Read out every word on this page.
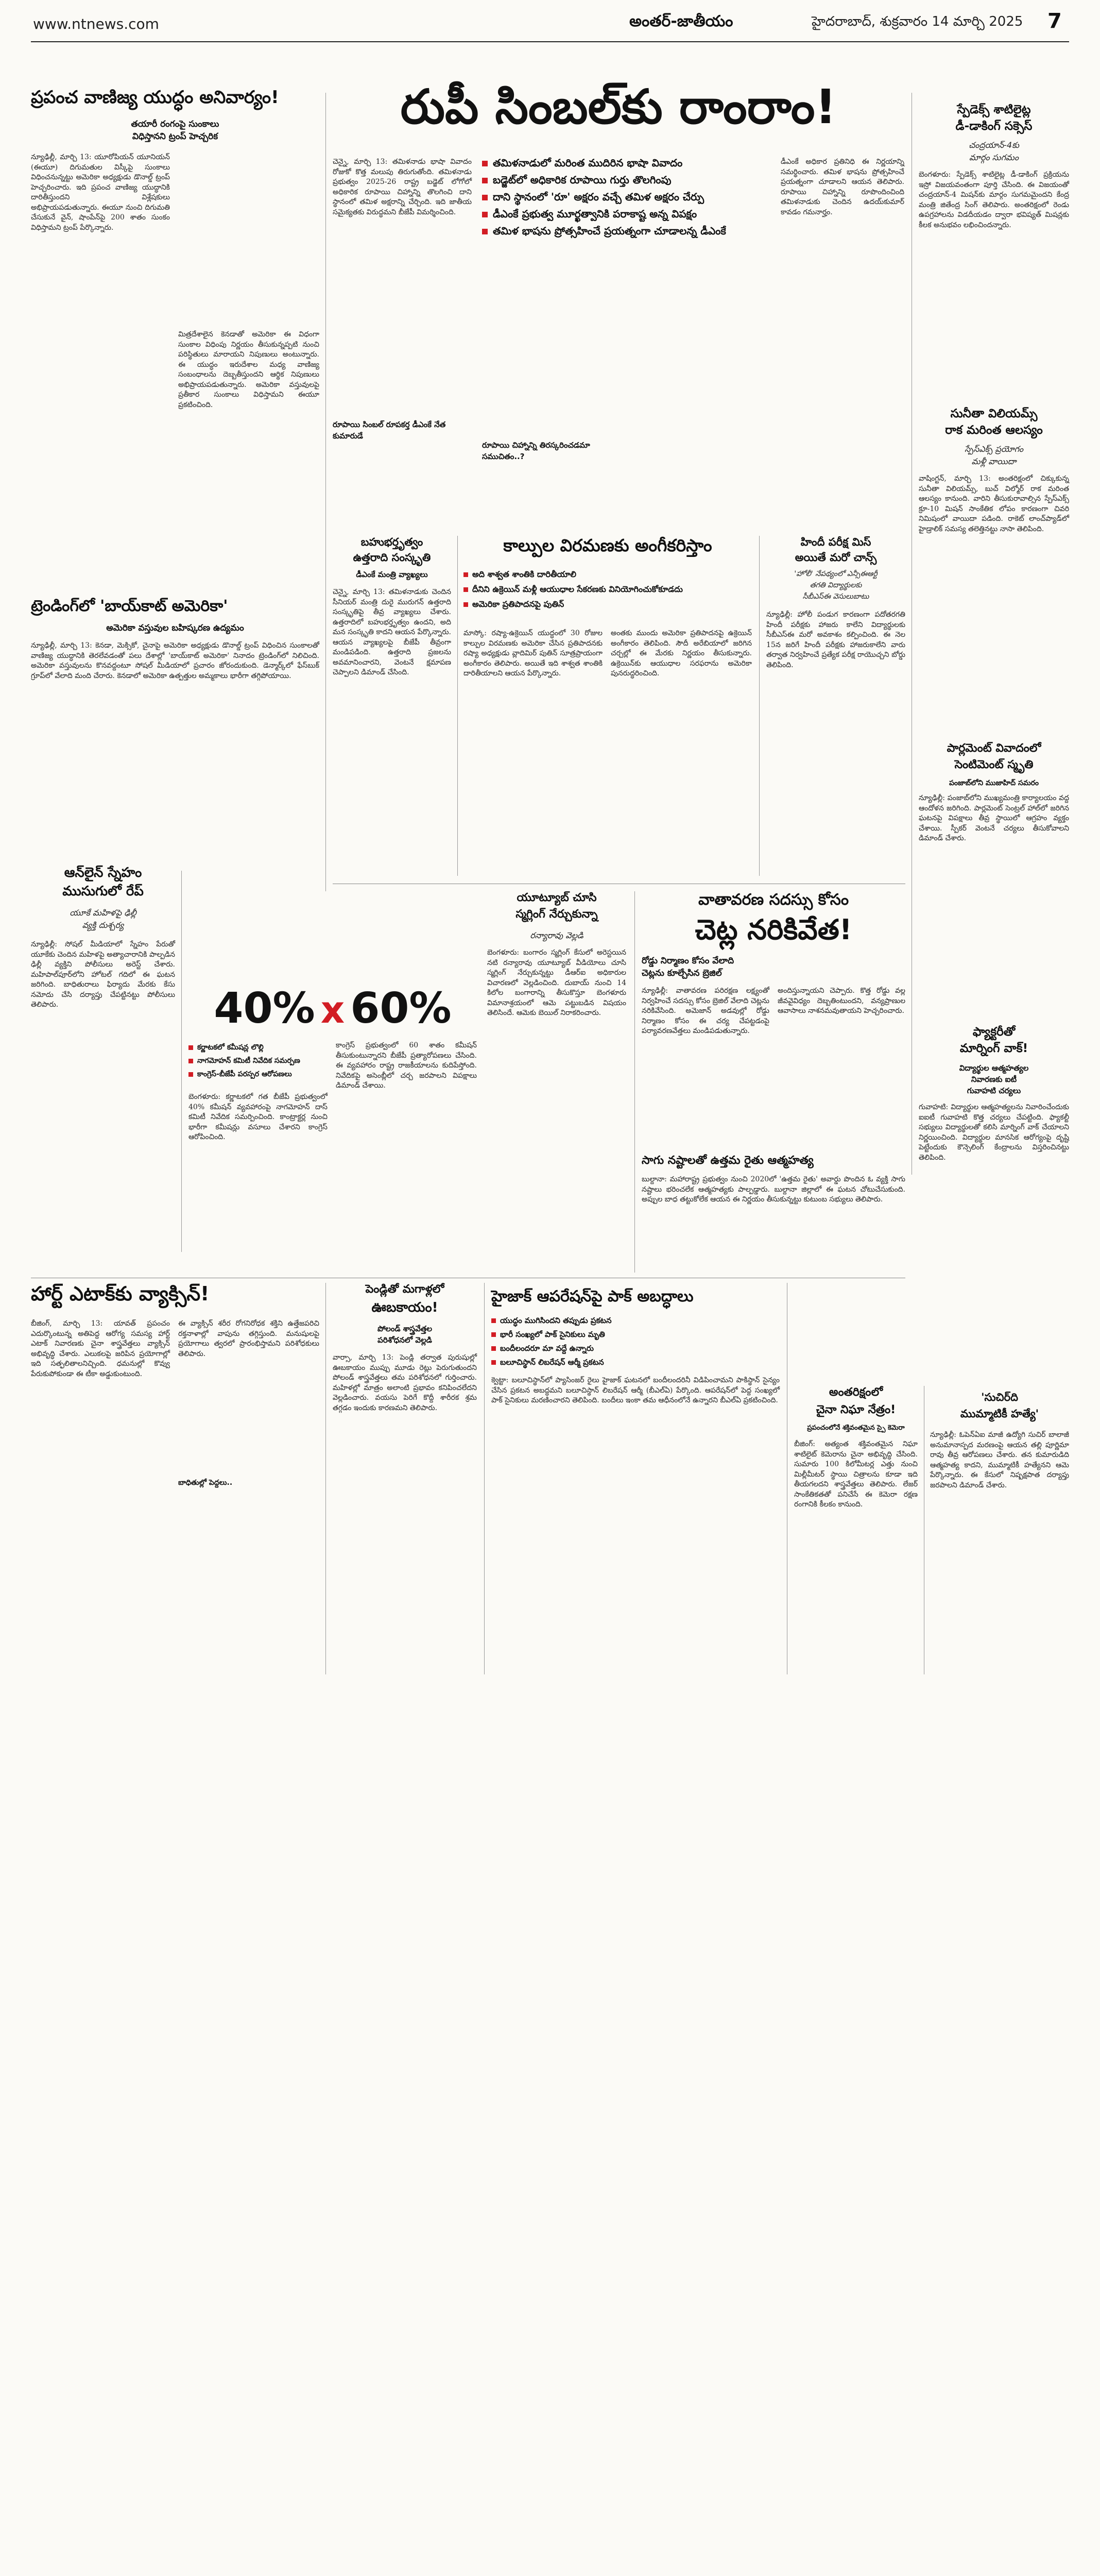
www.ntnews.com	అంతర్‌-జాతీయం	హైదరాబాద్‌, శుక్రవారం 14 మార్చి 2025 7
ప్రపంచ వాణిజ్య యుద్ధం అనివార్యం!
తయారీ రంగంపై సుంకాలు
విధిస్తానని ట్రంప్‌ హెచ్చరిక
న్యూఢిల్లీ, మార్చి 13: యూరోపియన్‌ యూనియన్‌ (ఈయూ) దిగుమతుల విస్కీపై సుంకాలు విధించనున్నట్టు అమెరికా అధ్యక్షుడు డొనాల్డ్‌ ట్రంప్‌ హెచ్చరించారు. ఇది ప్రపంచ వాణిజ్య యుద్ధానికి దారితీస్తుందని విశ్లేషకులు అభిప్రాయపడుతున్నారు. ఈయూ నుంచి దిగుమతి చేసుకునే వైన్‌, షాంపేన్‌పై 200 శాతం సుంకం విధిస్తామని ట్రంప్‌ పేర్కొన్నారు.
మిత్రదేశాలైన కెనడాతో అమెరికా ఈ విధంగా సుంకాల విధింపు నిర్ణయం తీసుకున్నప్పటి నుంచి పరిస్థితులు మారాయని నిపుణులు అంటున్నారు. ఈ యుద్ధం ఇరుదేశాల మధ్య వాణిజ్య సంబంధాలను దెబ్బతీస్తుందని ఆర్థిక నిపుణులు అభిప్రాయపడుతున్నారు. అమెరికా వస్తువులపై ప్రతీకార సుంకాలు విధిస్తామని ఈయూ ప్రకటించింది.
ట్రెండింగ్‌లో 'బాయ్‌కాట్‌ అమెరికా'
అమెరికా వస్తువుల బహిష్కరణ ఉద్యమం
న్యూఢిల్లీ, మార్చి 13: కెనడా, మెక్సికో, చైనాపై అమెరికా అధ్యక్షుడు డొనాల్డ్‌ ట్రంప్‌ విధించిన సుంకాలతో వాణిజ్య యుద్ధానికి తెరలేవడంతో పలు దేశాల్లో 'బాయ్‌కాట్‌ అమెరికా' నినాదం ట్రెండింగ్‌లో నిలిచింది. అమెరికా వస్తువులను కొనవద్దంటూ సోషల్‌ మీడియాలో ప్రచారం జోరందుకుంది. డెన్మార్క్‌లో ఫేస్‌బుక్‌ గ్రూప్‌లో వేలాది మంది చేరారు. కెనడాలో అమెరికా ఉత్పత్తుల అమ్మకాలు భారీగా తగ్గిపోయాయి.
ఆన్‌లైన్‌ స్నేహం
ముసుగులో రేప్‌
యూకే మహిళపై ఢిల్లీ
వ్యక్తి దుశ్చర్య
న్యూఢిల్లీ: సోషల్‌ మీడియాలో స్నేహం పేరుతో యూకేకు చెందిన మహిళపై అత్యాచారానికి పాల్పడిన ఢిల్లీ వ్యక్తిని పోలీసులు అరెస్ట్‌ చేశారు. మహిపాల్‌పూర్‌లోని హోటల్‌ గదిలో ఈ ఘటన జరిగింది. బాధితురాలు ఫిర్యాదు మేరకు కేసు నమోదు చేసి దర్యాప్తు చేపట్టినట్టు పోలీసులు తెలిపారు.
రుపీ సింబల్‌కు రాంరాం!
చెన్నై, మార్చి 13: తమిళనాడు భాషా వివాదం రోజుకో కొత్త మలుపు తిరుగుతోంది. తమిళనాడు ప్రభుత్వం 2025-26 రాష్ట్ర బడ్జెట్‌ లోగోలో అధికారిక రూపాయి చిహ్నాన్ని తొలగించి దాని స్థానంలో తమిళ అక్షరాన్ని చేర్చింది. ఇది జాతీయ సమైక్యతకు విరుద్ధమని బీజేపీ విమర్శించింది.
తమిళనాడులో మరింత ముదిరిన భాషా వివాదం
బడ్జెట్‌లో అధికారిక రూపాయి గుర్తు తొలగింపు
దాని స్థానంలో 'రూ' అక్షరం వచ్చే తమిళ అక్షరం చేర్పు
డీఎంకే ప్రభుత్వ మూర్ఖత్వానికి పరాకాష్ట అన్న విపక్షం
తమిళ భాషను ప్రోత్సహించే ప్రయత్నంగా చూడాలన్న డీఎంకే
రూపాయి సింబల్‌ రూపకర్త డీఎంకే నేత కుమారుడే
రూపాయి చిహ్నాన్ని తిరస్కరించడమా సముచితం..?
డీఎంకే అధికార ప్రతినిధి ఈ నిర్ణయాన్ని సమర్థించారు. తమిళ భాషను ప్రోత్సహించే ప్రయత్నంగా చూడాలని ఆయన తెలిపారు. రూపాయి చిహ్నాన్ని రూపొందించింది తమిళనాడుకు చెందిన ఉదయ్‌కుమార్‌ కావడం గమనార్హం.
స్పేడెక్స్‌ శాటిలైట్ల
డీ-డాకింగ్‌ సక్సెస్‌
చంద్రయాన్‌-4కు
మార్గం సుగమం
బెంగళూరు: స్పేడెక్స్‌ శాటిలైట్ల డీ-డాకింగ్‌ ప్రక్రియను ఇస్రో విజయవంతంగా పూర్తి చేసింది. ఈ విజయంతో చంద్రయాన్‌-4 మిషన్‌కు మార్గం సుగమమైందని కేంద్ర మంత్రి జితేంద్ర సింగ్‌ తెలిపారు. అంతరిక్షంలో రెండు ఉపగ్రహాలను విడదీయడం ద్వారా భవిష్యత్‌ మిషన్లకు కీలక అనుభవం లభించిందన్నారు.
సునీతా విలియమ్స్‌
రాక మరింత ఆలస్యం
స్పేస్‌ఎక్స్‌ ప్రయోగం
మళ్లీ వాయిదా
వాషింగ్టన్‌, మార్చి 13: అంతరిక్షంలో చిక్కుకున్న సునీతా విలియమ్స్‌, బుచ్‌ విల్మోర్‌ రాక మరింత ఆలస్యం కానుంది. వారిని తీసుకురావాల్సిన స్పేస్‌ఎక్స్‌ క్రూ-10 మిషన్‌ సాంకేతిక లోపం కారణంగా చివరి నిమిషంలో వాయిదా పడింది. రాకెట్‌ లాంచ్‌ప్యాడ్‌లో హైడ్రాలిక్‌ సమస్య తలెత్తినట్టు నాసా తెలిపింది.
పార్లమెంట్‌ వివాదంలో
సెంటిమెంట్‌ స్మృతి
పంజాబ్‌లోని ముజాహిద్‌ సమరం
న్యూఢిల్లీ: పంజాబ్‌లోని ముఖ్యమంత్రి కార్యాలయం వద్ద ఆందోళన జరిగింది. పార్లమెంట్‌ సెంట్రల్‌ హాల్‌లో జరిగిన ఘటనపై విపక్షాలు తీవ్ర స్థాయిలో ఆగ్రహం వ్యక్తం చేశాయి. స్పీకర్‌ వెంటనే చర్యలు తీసుకోవాలని డిమాండ్‌ చేశారు.
ఫ్యాక్టరీతో
మార్నింగ్‌ వాక్‌!
విద్యార్థుల ఆత్మహత్యల
నివారణకు ఐటీ
గువాహటి చర్యలు
గువాహటి: విద్యార్థుల ఆత్మహత్యలను నివారించేందుకు ఐఐటీ గువాహటి కొత్త చర్యలు చేపట్టింది. ఫ్యాకల్టీ సభ్యులు విద్యార్థులతో కలిసి మార్నింగ్‌ వాక్‌ చేయాలని నిర్ణయించింది. విద్యార్థుల మానసిక ఆరోగ్యంపై దృష్టి పెట్టేందుకు కౌన్సెలింగ్‌ కేంద్రాలను విస్తరించినట్టు తెలిపింది.
బహుభర్తృత్వం
ఉత్తరాది సంస్కృతి
డీఎంకే మంత్రి వ్యాఖ్యలు
చెన్నై, మార్చి 13: తమిళనాడుకు చెందిన సీనియర్‌ మంత్రి దురై మురుగన్‌ ఉత్తరాది సంస్కృతిపై తీవ్ర వ్యాఖ్యలు చేశారు. ఉత్తరాదిలో బహుభర్తృత్వం ఉందని, అది మన సంస్కృతి కాదని ఆయన పేర్కొన్నారు. ఆయన వ్యాఖ్యలపై బీజేపీ తీవ్రంగా మండిపడింది. ఉత్తరాది ప్రజలను అవమానించారని, వెంటనే క్షమాపణ చెప్పాలని డిమాండ్‌ చేసింది.
కాల్పుల విరమణకు అంగీకరిస్తాం
అది శాశ్వత శాంతికి దారితీయాలి
దీనిని ఉక్రెయిన్‌ మళ్లీ ఆయుధాల సేకరణకు వినియోగించుకోకూడదు
అమెరికా ప్రతిపాదనపై పుతిన్‌
మాస్కో: రష్యా-ఉక్రెయిన్‌ యుద్ధంలో 30 రోజుల కాల్పుల విరమణకు అమెరికా చేసిన ప్రతిపాదనకు రష్యా అధ్యక్షుడు వ్లాదిమిర్‌ పుతిన్‌ సూత్రప్రాయంగా అంగీకారం తెలిపారు. అయితే ఇది శాశ్వత శాంతికి దారితీయాలని ఆయన పేర్కొన్నారు.
అంతకు ముందు అమెరికా ప్రతిపాదనపై ఉక్రెయిన్‌ అంగీకారం తెలిపింది. సౌదీ అరేబియాలో జరిగిన చర్చల్లో ఈ మేరకు నిర్ణయం తీసుకున్నారు. ఉక్రెయిన్‌కు ఆయుధాల సరఫరాను అమెరికా పునరుద్ధరించింది.
హిందీ పరీక్ష మిస్‌
అయితే మరో చాన్స్‌
'హోలీ' నేపథ్యంలో ఎన్సీఈఆర్టీ
తగతి విద్యార్థులకు
సీబీఎస్‌ఈ వెసులుబాటు
న్యూఢిల్లీ: హోలీ పండుగ కారణంగా పదోతరగతి హిందీ పరీక్షకు హాజరు కాలేని విద్యార్థులకు సీబీఎస్‌ఈ మరో అవకాశం కల్పించింది. ఈ నెల 15న జరిగే హిందీ పరీక్షకు హాజరుకాలేని వారు తర్వాత నిర్వహించే ప్రత్యేక పరీక్ష రాయొచ్చని బోర్డు తెలిపింది.
40% x 60%
కర్ణాటకలో కమీషన్ల లొల్లి
నాగమోహన్‌ కమిటీ నివేదిక సమర్పణ
కాంగ్రెస్‌-బీజేపీ పరస్పర ఆరోపణలు
బెంగళూరు: కర్ణాటకలో గత బీజేపీ ప్రభుత్వంలో 40% కమీషన్‌ వ్యవహారంపై నాగమోహన్‌ దాస్‌ కమిటీ నివేదిక సమర్పించింది. కాంట్రాక్టర్ల నుంచి భారీగా కమీషన్లు వసూలు చేశారని కాంగ్రెస్‌ ఆరోపించింది.
కాంగ్రెస్‌ ప్రభుత్వంలో 60 శాతం కమీషన్‌ తీసుకుంటున్నారని బీజేపీ ప్రత్యారోపణలు చేసింది. ఈ వ్యవహారం రాష్ట్ర రాజకీయాలను కుదిపేస్తోంది. నివేదికపై అసెంబ్లీలో చర్చ జరపాలని విపక్షాలు డిమాండ్‌ చేశాయి.
యూట్యూబ్‌ చూసి
స్మగ్లింగ్‌ నేర్చుకున్నా
రన్యారావు వెల్లడి
బెంగళూరు: బంగారం స్మగ్లింగ్‌ కేసులో అరెస్టయిన నటి రన్యారావు యూట్యూబ్‌ వీడియోలు చూసి స్మగ్లింగ్‌ నేర్చుకున్నట్టు డీఆర్‌ఐ అధికారుల విచారణలో వెల్లడించింది. దుబాయ్‌ నుంచి 14 కిలోల బంగారాన్ని తీసుకొస్తూ బెంగళూరు విమానాశ్రయంలో ఆమె పట్టుబడిన విషయం తెలిసిందే. ఆమెకు బెయిల్‌ నిరాకరించారు.
వాతావరణ సదస్సు కోసం
చెట్ల నరికివేత!
రోడ్డు నిర్మాణం కోసం వేలాది
చెట్లను కూల్చేసిన బ్రెజిల్‌
న్యూఢిల్లీ: వాతావరణ పరిరక్షణ లక్ష్యంతో నిర్వహించే సదస్సు కోసం బ్రెజిల్‌ వేలాది చెట్లను నరికివేసింది. అమెజాన్‌ అడవుల్లో రోడ్డు నిర్మాణం కోసం ఈ చర్య చేపట్టడంపై పర్యావరణవేత్తలు మండిపడుతున్నారు.
అందిస్తున్నాయని చెప్పారు. కొత్త రోడ్డు వల్ల జీవవైవిధ్యం దెబ్బతింటుందని, వన్యప్రాణుల ఆవాసాలు నాశనమవుతాయని హెచ్చరించారు.
సాగు నష్టాలతో ఉత్తమ రైతు ఆత్మహత్య
బుల్దానా: మహారాష్ట్ర ప్రభుత్వం నుంచి 2020లో 'ఉత్తమ రైతు' అవార్డు పొందిన ఓ వ్యక్తి సాగు నష్టాలు భరించలేక ఆత్మహత్యకు పాల్పడ్డారు. బుల్దానా జిల్లాలో ఈ ఘటన చోటుచేసుకుంది. అప్పుల బాధ తట్టుకోలేక ఆయన ఈ నిర్ణయం తీసుకున్నట్టు కుటుంబ సభ్యులు తెలిపారు.
హార్ట్‌ ఎటాక్‌కు వ్యాక్సిన్‌!
బీజింగ్‌, మార్చి 13: యావత్‌ ప్రపంచం ఎదుర్కొంటున్న అతిపెద్ద ఆరోగ్య సమస్య హార్ట్‌ ఎటాక్‌ నివారణకు చైనా శాస్త్రవేత్తలు వ్యాక్సిన్‌ అభివృద్ధి చేశారు. ఎలుకలపై జరిపిన ప్రయోగాల్లో ఇది సత్ఫలితాలనిచ్చింది. ధమనుల్లో కొవ్వు పేరుకుపోకుండా ఈ టీకా అడ్డుకుంటుంది.
ఈ వ్యాక్సిన్‌ శరీర రోగనిరోధక శక్తిని ఉత్తేజపరిచి రక్తనాళాల్లో వాపును తగ్గిస్తుంది. మనుషులపై ప్రయోగాలు త్వరలో ప్రారంభిస్తామని పరిశోధకులు తెలిపారు.
బాధితుల్లో పెద్దలు..
పెండ్లితో మగాళ్లలో
ఊబకాయం!
పోలండ్‌ శాస్త్రవేత్తల
పరిశోధనలో వెల్లడి
వార్సా, మార్చి 13: పెండ్లి తర్వాత పురుషుల్లో ఊబకాయం ముప్పు మూడు రెట్లు పెరుగుతుందని పోలండ్‌ శాస్త్రవేత్తలు తమ పరిశోధనలో గుర్తించారు. మహిళల్లో మాత్రం అలాంటి ప్రభావం కనిపించలేదని వెల్లడించారు. వయసు పెరిగే కొద్దీ శారీరక శ్రమ తగ్గడం ఇందుకు కారణమని తెలిపారు.
హైజాక్‌ ఆపరేషన్‌పై పాక్‌ అబద్ధాలు
యుద్ధం ముగిసిందని తప్పుడు ప్రకటన
భారీ సంఖ్యలో పాక్‌ సైనికులు మృతి
బందీలందరూ మా వద్దే ఉన్నారు
బలూచిస్థాన్‌ లిబరేషన్‌ ఆర్మీ ప్రకటన
క్వెట్టా: బలూచిస్థాన్‌లో ప్యాసింజర్‌ రైలు హైజాక్‌ ఘటనలో బందీలందరినీ విడిపించామని పాకిస్థాన్‌ సైన్యం చేసిన ప్రకటన అబద్ధమని బలూచిస్థాన్‌ లిబరేషన్‌ ఆర్మీ (బీఎల్‌ఏ) పేర్కొంది. ఆపరేషన్‌లో పెద్ద సంఖ్యలో పాక్‌ సైనికులు మరణించారని తెలిపింది. బందీలు ఇంకా తమ ఆధీనంలోనే ఉన్నారని బీఎల్‌ఏ ప్రకటించింది.
అంతరిక్షంలో
చైనా నిఘా నేత్రం!
ప్రపంచంలోనే శక్తివంతమైన స్పై కెమెరా
బీజింగ్‌: అత్యంత శక్తివంతమైన నిఘా శాటిలైట్‌ కెమెరాను చైనా అభివృద్ధి చేసింది. సుమారు 100 కిలోమీటర్ల ఎత్తు నుంచి మిల్లీమీటర్‌ స్థాయి చిత్రాలను కూడా ఇది తీయగలదని శాస్త్రవేత్తలు తెలిపారు. లేజర్‌ సాంకేతికతతో పనిచేసే ఈ కెమెరా రక్షణ రంగానికి కీలకం కానుంది.
'సుచిర్‌ది
ముమ్మాటికీ హత్యే'
న్యూఢిల్లీ: ఓపెన్‌ఏఐ మాజీ ఉద్యోగి సుచిర్‌ బాలాజీ అనుమానాస్పద మరణంపై ఆయన తల్లి పూర్ణిమా రావు తీవ్ర ఆరోపణలు చేశారు. తన కుమారుడిది ఆత్మహత్య కాదని, ముమ్మాటికీ హత్యేనని ఆమె పేర్కొన్నారు. ఈ కేసులో నిష్పక్షపాత దర్యాప్తు జరపాలని డిమాండ్‌ చేశారు.
